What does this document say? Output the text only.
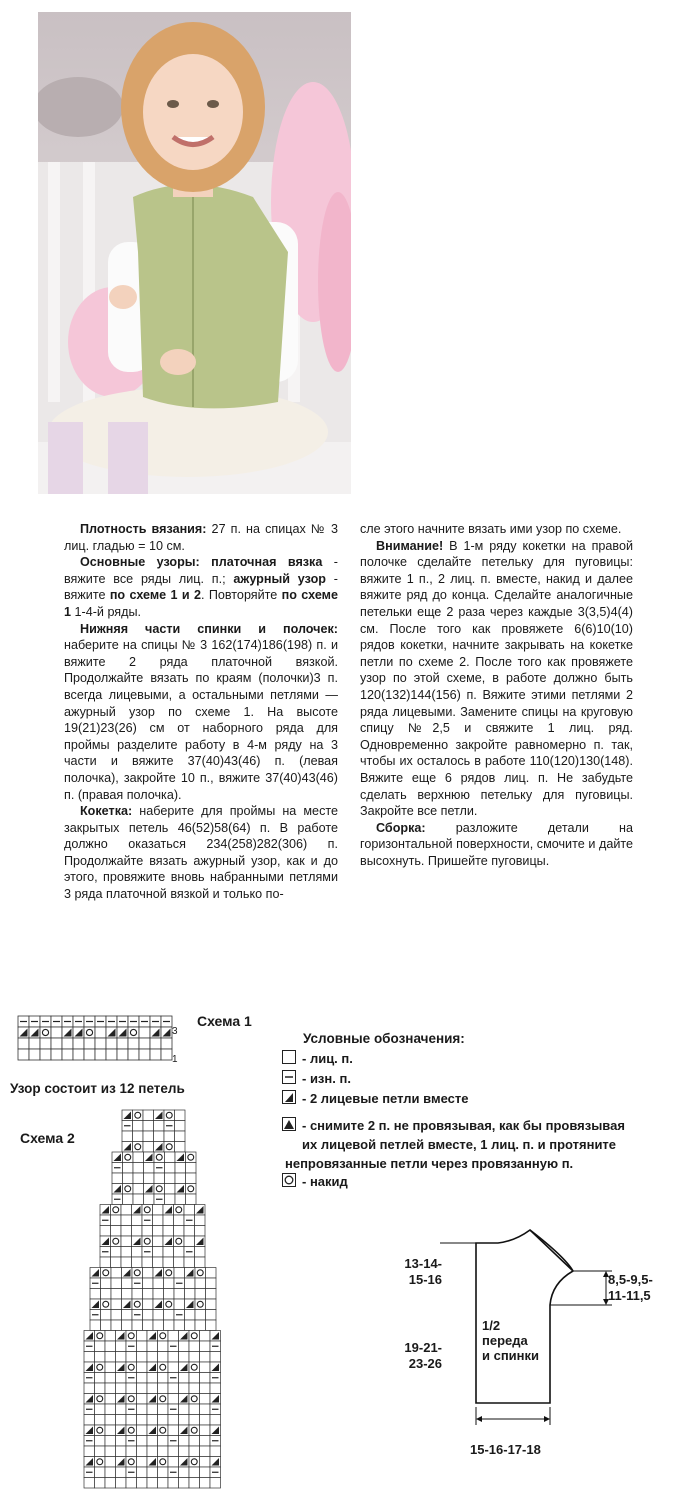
Плотность вязания: 27 п. на спицах № 3 лиц. гладью = 10 см.

Основные узоры: платочная вязка - вяжите все ряды лиц. п.; ажурный узор - вяжите по схеме 1 и 2. Повторяйте по схеме 1 1-4-й ряды.

Нижняя части спинки и полочек: наберите на спицы № 3 162(174)186(198) п. и вяжите 2 ряда платочной вязкой. Продолжайте вязать по краям (полочки)3 п. всегда лицевыми, а остальными петлями — ажурный узор по схеме 1. На высоте 19(21)23(26) см от наборного ряда для проймы разделите работу в 4-м ряду на 3 части и вяжите 37(40)43(46) п. (левая полочка), закройте 10 п., вяжите 37(40)43(46) п. (правая полочка).

Кокетка: наберите для проймы на месте закрытых петель 46(52)58(64) п. В работе должно оказаться 234(258)282(306) п. Продолжайте вязать ажурный узор, как и до этого, провяжите вновь набранными петлями 3 ряда платочной вязкой и только по-

сле этого начните вязать ими узор по схеме.

Внимание! В 1-м ряду кокетки на правой полочке сделайте петельку для пуговицы: вяжите 1 п., 2 лиц. п. вместе, накид и далее вяжите ряд до конца. Сделайте аналогичные петельки еще 2 раза через каждые 3(3,5)4(4) см. После того как провяжете 6(6)10(10) рядов кокетки, начните закрывать на кокетке петли по схеме 2. После того как провяжете узор по этой схеме, в работе должно быть 120(132)144(156) п. Вяжите этими петлями 2 ряда лицевыми. Замените спицы на круговую спицу №2,5 и свяжите 1 лиц. ряд. Одновременно закройте равномерно п. так, чтобы их осталось в работе 110(120)130(148). Вяжите еще 6 рядов лиц. п. Не забудьте сделать верхнюю петельку для пуговицы. Закройте все петли.

Сборка: разложите детали на горизонтальной поверхности, смочите и дайте высохнуть. Пришейте пуговицы.

Схема 1
3
1
Узор состоит из 12 петель
Схема 2
Условные обозначения:
- лиц. п.
- изн. п.
- 2 лицевые петли вместе
- снимите 2 п. не провязывая, как бы провязывая
их лицевой петлей вместе, 1 лиц. п. и протяните
непровязанные петли через провязанную п.
- накид
13-14-
15-16	8,5-9,5-
11-11,5
19-21-
23-26
15-16-17-18
1/2
переда
и спинки
